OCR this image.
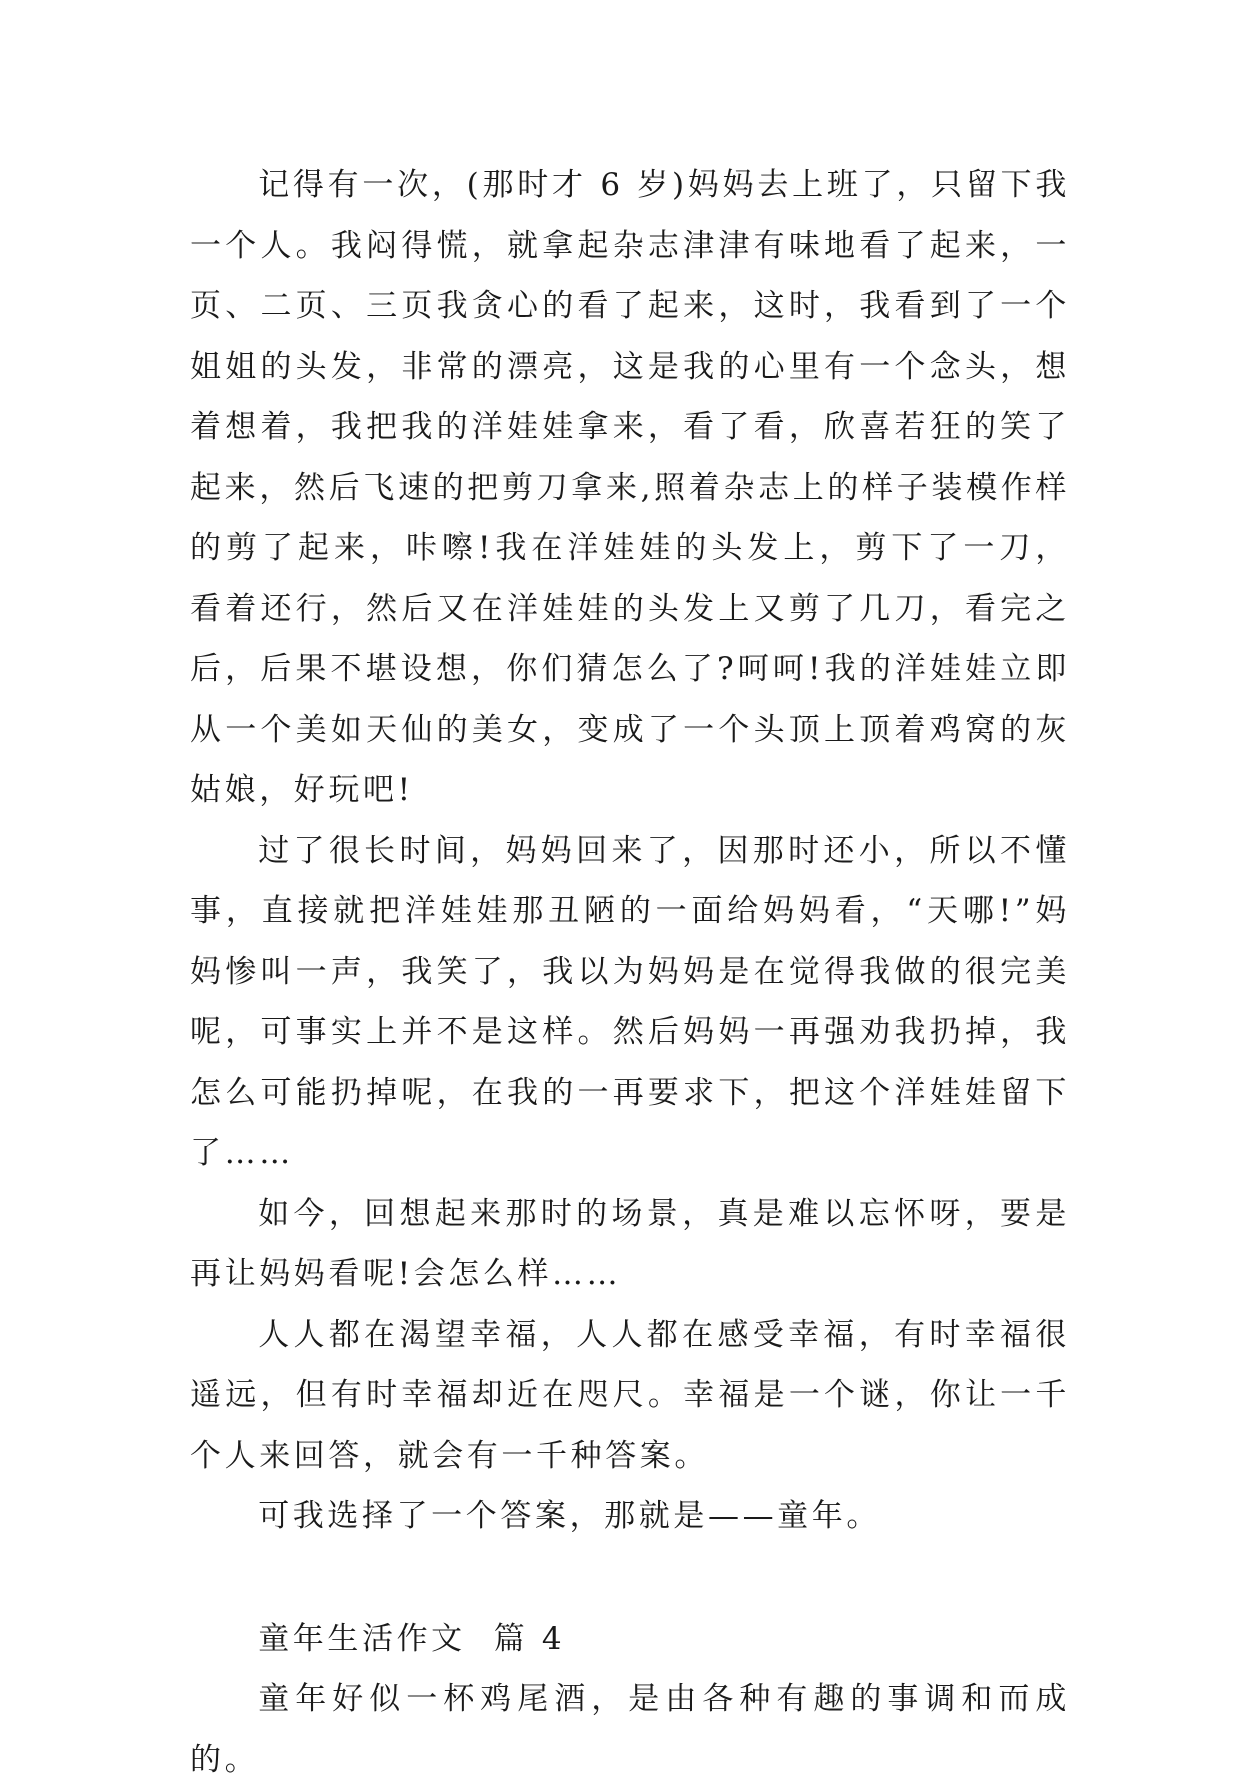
记得有一次，(那时才 6 岁)妈妈去上班了，只留下我一个人。我闷得慌，就拿起杂志津津有味地看了起来，一页、二页、三页我贪心的看了起来，这时，我看到了一个姐姐的头发，非常的漂亮，这是我的心里有一个念头，想着想着，我把我的洋娃娃拿来，看了看，欣喜若狂的笑了起来，然后飞速的把剪刀拿来,照着杂志上的样子装模作样的剪了起来，咔嚓!我在洋娃娃的头发上，剪下了一刀，看着还行，然后又在洋娃娃的头发上又剪了几刀，看完之后，后果不堪设想，你们猜怎么了?呵呵!我的洋娃娃立即从一个美如天仙的美女，变成了一个头顶上顶着鸡窝的灰姑娘，好玩吧!

过了很长时间，妈妈回来了，因那时还小，所以不懂事，直接就把洋娃娃那丑陋的一面给妈妈看，“天哪!”妈妈惨叫一声，我笑了，我以为妈妈是在觉得我做的很完美呢，可事实上并不是这样。然后妈妈一再强劝我扔掉，我怎么可能扔掉呢，在我的一再要求下，把这个洋娃娃留下了……

如今，回想起来那时的场景，真是难以忘怀呀，要是再让妈妈看呢!会怎么样……

人人都在渴望幸福，人人都在感受幸福，有时幸福很遥远，但有时幸福却近在咫尺。幸福是一个谜，你让一千个人来回答，就会有一千种答案。

可我选择了一个答案，那就是——童年。

童年生活作文 篇 4

童年好似一杯鸡尾酒，是由各种有趣的事调和而成的。
